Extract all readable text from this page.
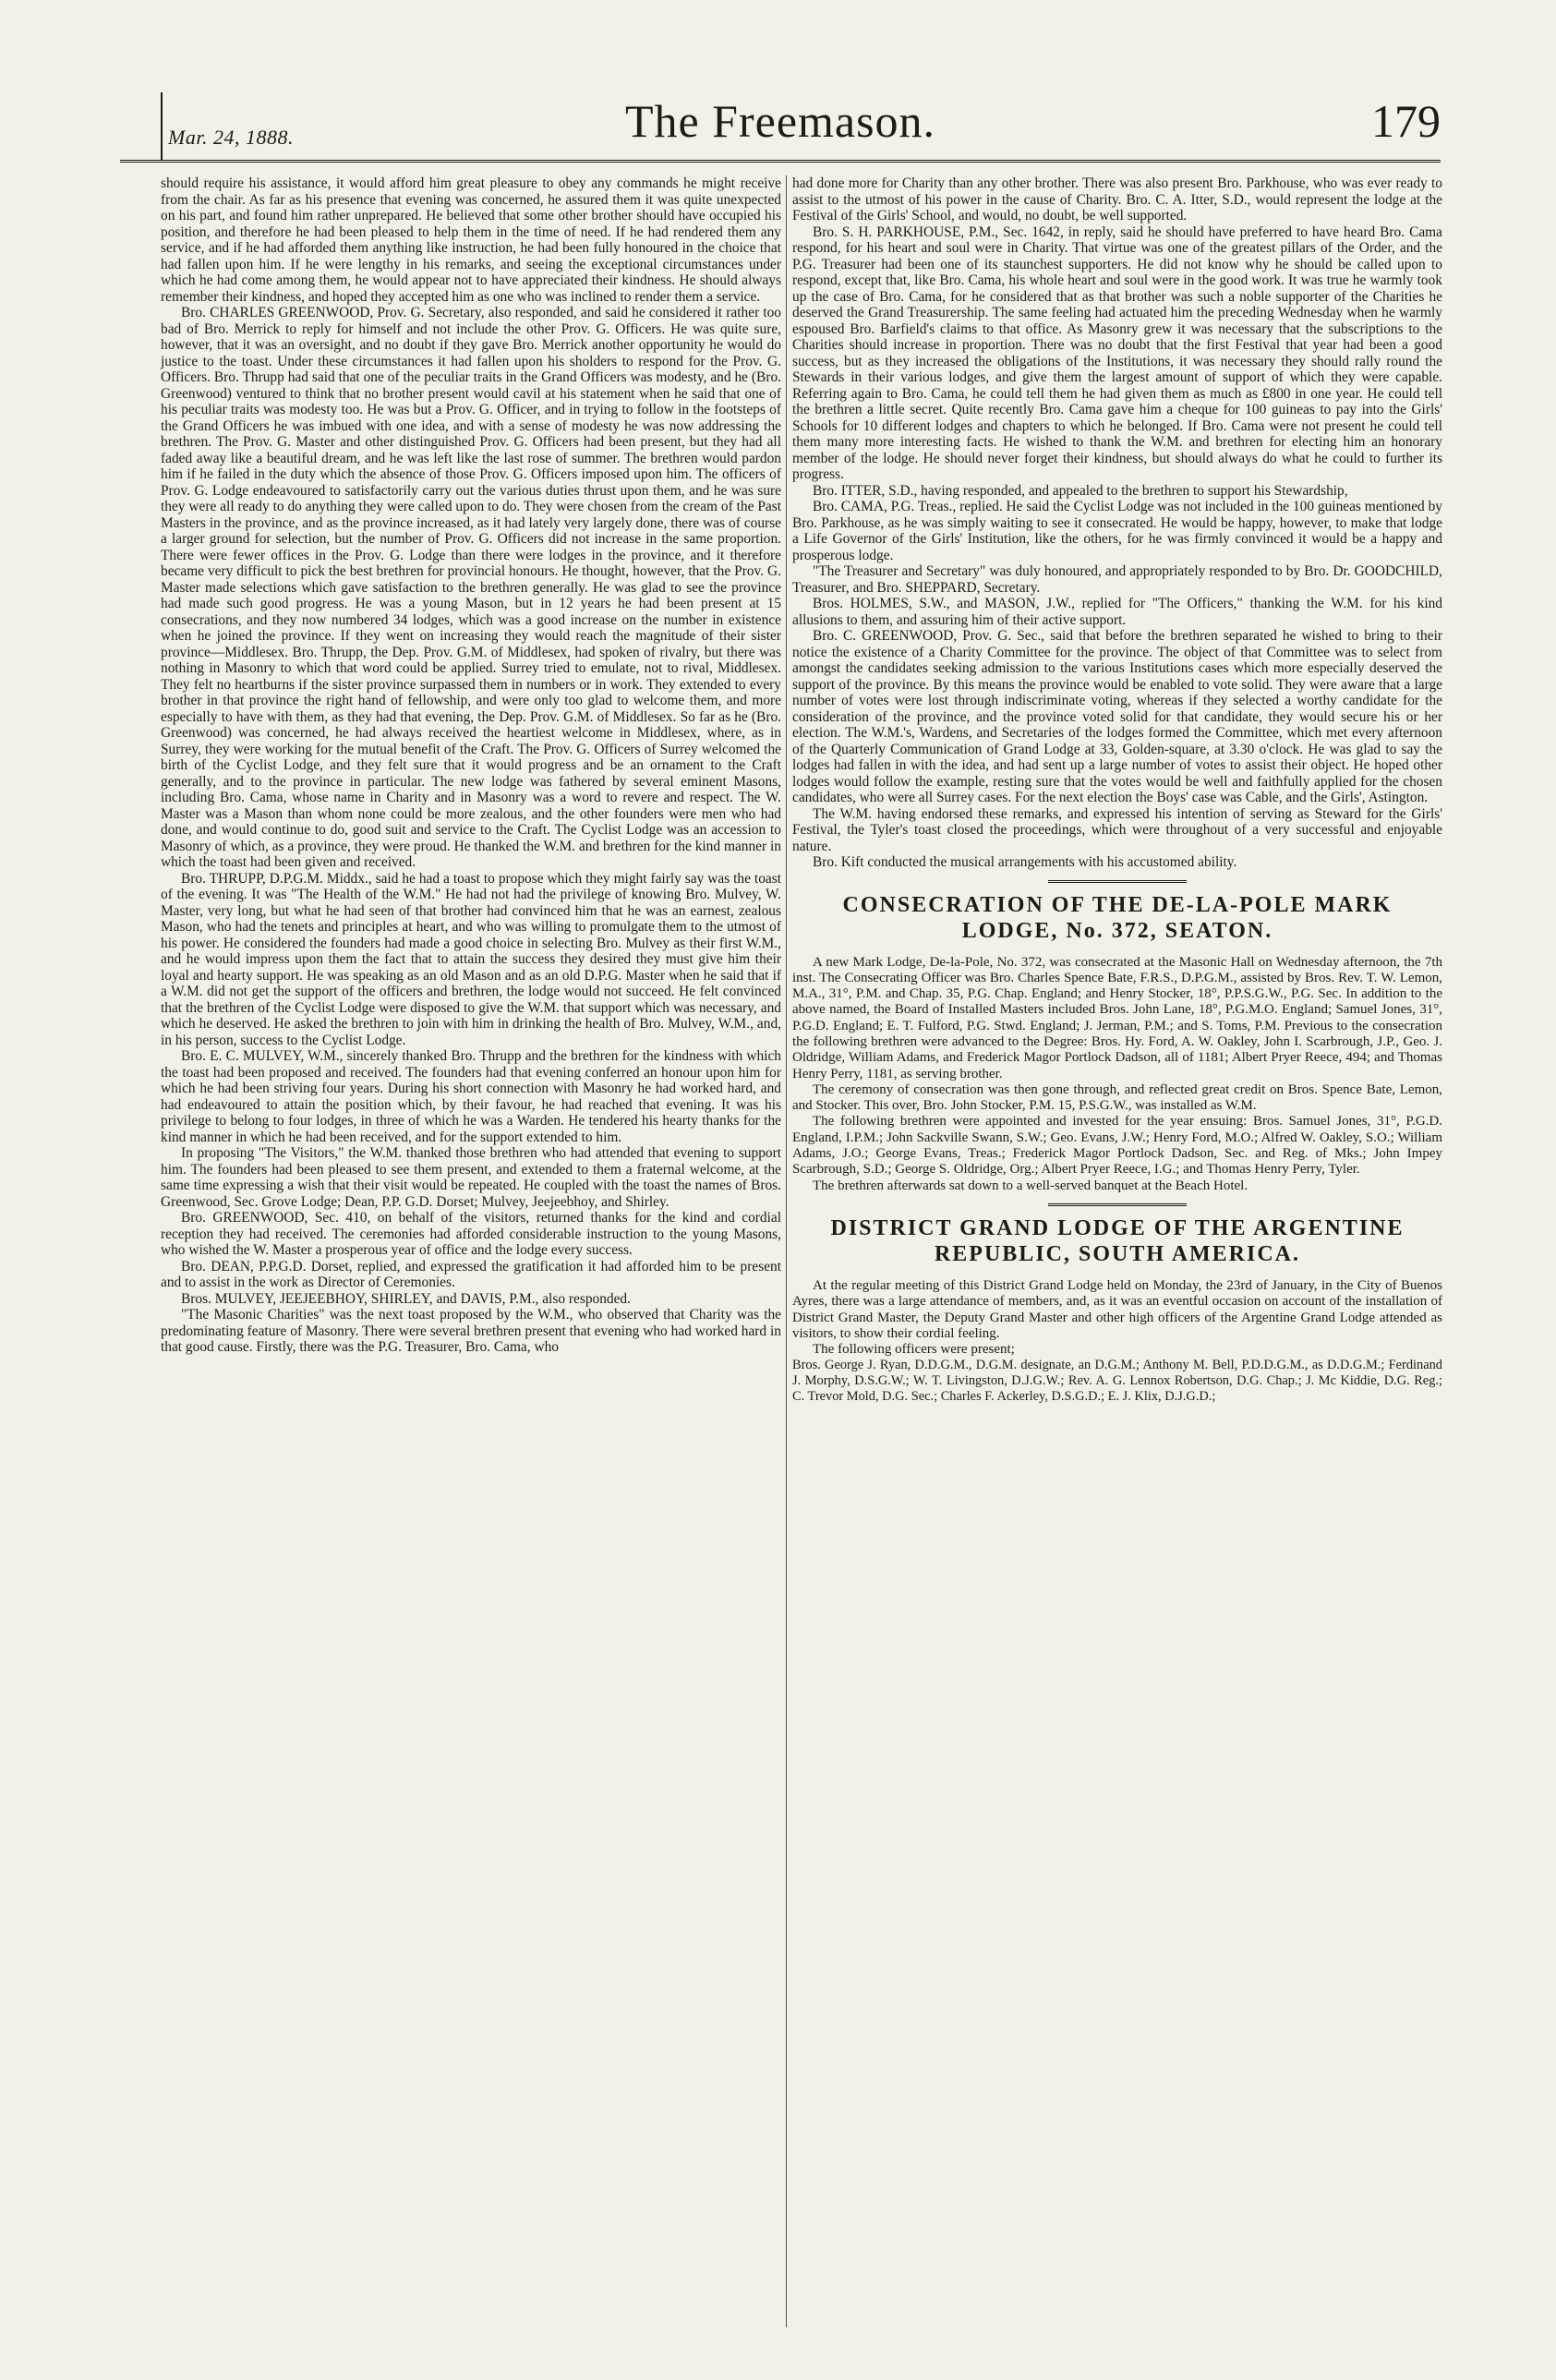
Mar. 24, 1888.	The Freemason.	179

should require his assistance, it would afford him great pleasure to obey any commands he might receive from the chair. As far as his presence that evening was concerned, he assured them it was quite unexpected on his part, and found him rather unprepared. He believed that some other brother should have occupied his position, and therefore he had been pleased to help them in the time of need. If he had rendered them any service, and if he had afforded them anything like instruction, he had been fully honoured in the choice that had fallen upon him. If he were lengthy in his remarks, and seeing the exceptional circumstances under which he had come among them, he would appear not to have appreciated their kindness. He should always remember their kindness, and hoped they accepted him as one who was inclined to render them a service.

Bro. CHARLES GREENWOOD, Prov. G. Secretary, also responded, and said he considered it rather too bad of Bro. Merrick to reply for himself and not include the other Prov. G. Officers. He was quite sure, however, that it was an oversight, and no doubt if they gave Bro. Merrick another opportunity he would do justice to the toast. Under these circumstances it had fallen upon his sholders to respond for the Prov. G. Officers. Bro. Thrupp had said that one of the peculiar traits in the Grand Officers was modesty, and he (Bro. Greenwood) ventured to think that no brother present would cavil at his statement when he said that one of his peculiar traits was modesty too. He was but a Prov. G. Officer, and in trying to follow in the footsteps of the Grand Officers he was imbued with one idea, and with a sense of modesty he was now addressing the brethren. The Prov. G. Master and other distinguished Prov. G. Officers had been present, but they had all faded away like a beautiful dream, and he was left like the last rose of summer. The brethren would pardon him if he failed in the duty which the absence of those Prov. G. Officers imposed upon him. The officers of Prov. G. Lodge endeavoured to satisfactorily carry out the various duties thrust upon them, and he was sure they were all ready to do anything they were called upon to do. They were chosen from the cream of the Past Masters in the province, and as the province increased, as it had lately very largely done, there was of course a larger ground for selection, but the number of Prov. G. Officers did not increase in the same proportion. There were fewer offices in the Prov. G. Lodge than there were lodges in the province, and it therefore became very difficult to pick the best brethren for provincial honours. He thought, however, that the Prov. G. Master made selections which gave satisfaction to the brethren generally. He was glad to see the province had made such good progress. He was a young Mason, but in 12 years he had been present at 15 consecrations, and they now numbered 34 lodges, which was a good increase on the number in existence when he joined the province. If they went on increasing they would reach the magnitude of their sister province—Middlesex. Bro. Thrupp, the Dep. Prov. G.M. of Middlesex, had spoken of rivalry, but there was nothing in Masonry to which that word could be applied. Surrey tried to emulate, not to rival, Middlesex. They felt no heartburns if the sister province surpassed them in numbers or in work. They extended to every brother in that province the right hand of fellowship, and were only too glad to welcome them, and more especially to have with them, as they had that evening, the Dep. Prov. G.M. of Middlesex. So far as he (Bro. Greenwood) was concerned, he had always received the heartiest welcome in Middlesex, where, as in Surrey, they were working for the mutual benefit of the Craft. The Prov. G. Officers of Surrey welcomed the birth of the Cyclist Lodge, and they felt sure that it would progress and be an ornament to the Craft generally, and to the province in particular. The new lodge was fathered by several eminent Masons, including Bro. Cama, whose name in Charity and in Masonry was a word to revere and respect. The W. Master was a Mason than whom none could be more zealous, and the other founders were men who had done, and would continue to do, good suit and service to the Craft. The Cyclist Lodge was an accession to Masonry of which, as a province, they were proud. He thanked the W.M. and brethren for the kind manner in which the toast had been given and received.

Bro. THRUPP, D.P.G.M. Middx., said he had a toast to propose which they might fairly say was the toast of the evening. It was "The Health of the W.M." He had not had the privilege of knowing Bro. Mulvey, W. Master, very long, but what he had seen of that brother had convinced him that he was an earnest, zealous Mason, who had the tenets and principles at heart, and who was willing to promulgate them to the utmost of his power. He considered the founders had made a good choice in selecting Bro. Mulvey as their first W.M., and he would impress upon them the fact that to attain the success they desired they must give him their loyal and hearty support. He was speaking as an old Mason and as an old D.P.G. Master when he said that if a W.M. did not get the support of the officers and brethren, the lodge would not succeed. He felt convinced that the brethren of the Cyclist Lodge were disposed to give the W.M. that support which was necessary, and which he deserved. He asked the brethren to join with him in drinking the health of Bro. Mulvey, W.M., and, in his person, success to the Cyclist Lodge.

Bro. E. C. MULVEY, W.M., sincerely thanked Bro. Thrupp and the brethren for the kindness with which the toast had been proposed and received. The founders had that evening conferred an honour upon him for which he had been striving four years. During his short connection with Masonry he had worked hard, and had endeavoured to attain the position which, by their favour, he had reached that evening. It was his privilege to belong to four lodges, in three of which he was a Warden. He tendered his hearty thanks for the kind manner in which he had been received, and for the support extended to him.

In proposing "The Visitors," the W.M. thanked those brethren who had attended that evening to support him. The founders had been pleased to see them present, and extended to them a fraternal welcome, at the same time expressing a wish that their visit would be repeated. He coupled with the toast the names of Bros. Greenwood, Sec. Grove Lodge; Dean, P.P. G.D. Dorset; Mulvey, Jeejeebhoy, and Shirley.

Bro. GREENWOOD, Sec. 410, on behalf of the visitors, returned thanks for the kind and cordial reception they had received. The ceremonies had afforded considerable instruction to the young Masons, who wished the W. Master a prosperous year of office and the lodge every success.

Bro. DEAN, P.P.G.D. Dorset, replied, and expressed the gratification it had afforded him to be present and to assist in the work as Director of Ceremonies.

Bros. MULVEY, JEEJEEBHOY, SHIRLEY, and DAVIS, P.M., also responded.

"The Masonic Charities" was the next toast proposed by the W.M., who observed that Charity was the predominating feature of Masonry. There were several brethren present that evening who had worked hard in that good cause. Firstly, there was the P.G. Treasurer, Bro. Cama, who

had done more for Charity than any other brother. There was also present Bro. Parkhouse, who was ever ready to assist to the utmost of his power in the cause of Charity. Bro. C. A. Itter, S.D., would represent the lodge at the Festival of the Girls' School, and would, no doubt, be well supported.

Bro. S. H. PARKHOUSE, P.M., Sec. 1642, in reply, said he should have preferred to have heard Bro. Cama respond, for his heart and soul were in Charity. That virtue was one of the greatest pillars of the Order, and the P.G. Treasurer had been one of its staunchest supporters. He did not know why he should be called upon to respond, except that, like Bro. Cama, his whole heart and soul were in the good work. It was true he warmly took up the case of Bro. Cama, for he considered that as that brother was such a noble supporter of the Charities he deserved the Grand Treasurership. The same feeling had actuated him the preceding Wednesday when he warmly espoused Bro. Barfield's claims to that office. As Masonry grew it was necessary that the subscriptions to the Charities should increase in proportion. There was no doubt that the first Festival that year had been a good success, but as they increased the obligations of the Institutions, it was necessary they should rally round the Stewards in their various lodges, and give them the largest amount of support of which they were capable. Referring again to Bro. Cama, he could tell them he had given them as much as £800 in one year. He could tell the brethren a little secret. Quite recently Bro. Cama gave him a cheque for 100 guineas to pay into the Girls' Schools for 10 different lodges and chapters to which he belonged. If Bro. Cama were not present he could tell them many more interesting facts. He wished to thank the W.M. and brethren for electing him an honorary member of the lodge. He should never forget their kindness, but should always do what he could to further its progress.

Bro. ITTER, S.D., having responded, and appealed to the brethren to support his Stewardship,

Bro. CAMA, P.G. Treas., replied. He said the Cyclist Lodge was not included in the 100 guineas mentioned by Bro. Parkhouse, as he was simply waiting to see it consecrated. He would be happy, however, to make that lodge a Life Governor of the Girls' Institution, like the others, for he was firmly convinced it would be a happy and prosperous lodge.

"The Treasurer and Secretary" was duly honoured, and appropriately responded to by Bro. Dr. GOODCHILD, Treasurer, and Bro. SHEPPARD, Secretary.

Bros. HOLMES, S.W., and MASON, J.W., replied for "The Officers," thanking the W.M. for his kind allusions to them, and assuring him of their active support.

Bro. C. GREENWOOD, Prov. G. Sec., said that before the brethren separated he wished to bring to their notice the existence of a Charity Committee for the province. The object of that Committee was to select from amongst the candidates seeking admission to the various Institutions cases which more especially deserved the support of the province. By this means the province would be enabled to vote solid. They were aware that a large number of votes were lost through indiscriminate voting, whereas if they selected a worthy candidate for the consideration of the province, and the province voted solid for that candidate, they would secure his or her election. The W.M.'s, Wardens, and Secretaries of the lodges formed the Committee, which met every afternoon of the Quarterly Communication of Grand Lodge at 33, Golden-square, at 3.30 o'clock. He was glad to say the lodges had fallen in with the idea, and had sent up a large number of votes to assist their object. He hoped other lodges would follow the example, resting sure that the votes would be well and faithfully applied for the chosen candidates, who were all Surrey cases. For the next election the Boys' case was Cable, and the Girls', Astington.

The W.M. having endorsed these remarks, and expressed his intention of serving as Steward for the Girls' Festival, the Tyler's toast closed the proceedings, which were throughout of a very successful and enjoyable nature.

Bro. Kift conducted the musical arrangements with his accustomed ability.

CONSECRATION OF THE DE-LA-POLE MARK
LODGE, No. 372, SEATON.

A new Mark Lodge, De-la-Pole, No. 372, was consecrated at the Masonic Hall on Wednesday afternoon, the 7th inst. The Consecrating Officer was Bro. Charles Spence Bate, F.R.S., D.P.G.M., assisted by Bros. Rev. T. W. Lemon, M.A., 31°, P.M. and Chap. 35, P.G. Chap. England; and Henry Stocker, 18°, P.P.S.G.W., P.G. Sec. In addition to the above named, the Board of Installed Masters included Bros. John Lane, 18°, P.G.M.O. England; Samuel Jones, 31°, P.G.D. England; E. T. Fulford, P.G. Stwd. England; J. Jerman, P.M.; and S. Toms, P.M. Previous to the consecration the following brethren were advanced to the Degree: Bros. Hy. Ford, A. W. Oakley, John I. Scarbrough, J.P., Geo. J. Oldridge, William Adams, and Frederick Magor Portlock Dadson, all of 1181; Albert Pryer Reece, 494; and Thomas Henry Perry, 1181, as serving brother.

The ceremony of consecration was then gone through, and reflected great credit on Bros. Spence Bate, Lemon, and Stocker. This over, Bro. John Stocker, P.M. 15, P.S.G.W., was installed as W.M.

The following brethren were appointed and invested for the year ensuing: Bros. Samuel Jones, 31°, P.G.D. England, I.P.M.; John Sackville Swann, S.W.; Geo. Evans, J.W.; Henry Ford, M.O.; Alfred W. Oakley, S.O.; William Adams, J.O.; George Evans, Treas.; Frederick Magor Portlock Dadson, Sec. and Reg. of Mks.; John Impey Scarbrough, S.D.; George S. Oldridge, Org.; Albert Pryer Reece, I.G.; and Thomas Henry Perry, Tyler.

The brethren afterwards sat down to a well-served banquet at the Beach Hotel.

DISTRICT GRAND LODGE OF THE ARGENTINE
REPUBLIC, SOUTH AMERICA.

At the regular meeting of this District Grand Lodge held on Monday, the 23rd of January, in the City of Buenos Ayres, there was a large attendance of members, and, as it was an eventful occasion on account of the installation of District Grand Master, the Deputy Grand Master and other high officers of the Argentine Grand Lodge attended as visitors, to show their cordial feeling.

The following officers were present;

Bros. George J. Ryan, D.D.G.M., D.G.M. designate, an D.G.M.; Anthony M. Bell, P.D.D.G.M., as D.D.G.M.; Ferdinand J. Morphy, D.S.G.W.; W. T. Livingston, D.J.G.W.; Rev. A. G. Lennox Robertson, D.G. Chap.; J. Mc Kiddie, D.G. Reg.; C. Trevor Mold, D.G. Sec.; Charles F. Ackerley, D.S.G.D.; E. J. Klix, D.J.G.D.;
